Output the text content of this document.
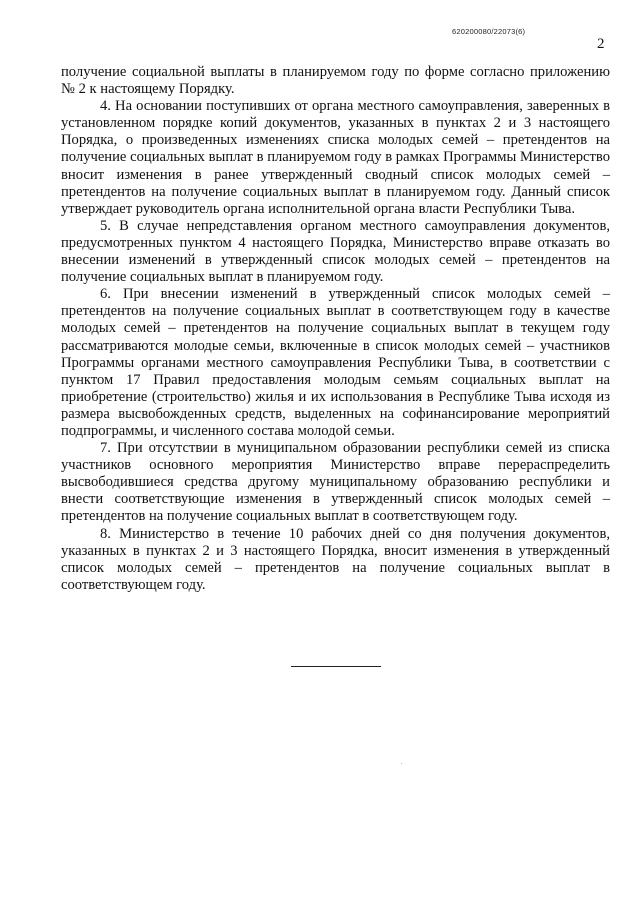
620200080/22073(6)
2

получение социальной выплаты в планируемом году по форме согласно приложению № 2 к настоящему Порядку.

4. На основании поступивших от органа местного самоуправления, заверенных в установленном порядке копий документов, указанных в пунктах 2 и 3 настоящего Порядка, о произведенных изменениях списка молодых семей – претендентов на получение социальных выплат в планируемом году в рамках Программы Министерство вносит изменения в ранее утвержденный сводный список молодых семей – претендентов на получение социальных выплат в планируемом году. Данный список утверждает руководитель органа исполнительной органа власти Республики Тыва.

5. В случае непредставления органом местного самоуправления документов, предусмотренных пунктом 4 настоящего Порядка, Министерство вправе отказать во внесении изменений в утвержденный список молодых семей – претендентов на получение социальных выплат в планируемом году.

6. При внесении изменений в утвержденный список молодых семей – претендентов на получение социальных выплат в соответствующем году в качестве молодых семей – претендентов на получение социальных выплат в текущем году рассматриваются молодые семьи, включенные в список молодых семей – участников Программы органами местного самоуправления Республики Тыва, в соответствии с пунктом 17 Правил предоставления молодым семьям социальных выплат на приобретение (строительство) жилья и их использования в Республике Тыва исходя из размера высвобожденных средств, выделенных на софинансирование мероприятий подпрограммы, и численного состава молодой семьи.

7. При отсутствии в муниципальном образовании республики семей из списка участников основного мероприятия Министерство вправе перераспределить высвободившиеся средства другому муниципальному образованию республики и внести соответствующие изменения в утвержденный список молодых семей – претендентов на получение социальных выплат в соответствующем году.

8. Министерство в течение 10 рабочих дней со дня получения документов, указанных в пунктах 2 и 3 настоящего Порядка, вносит изменения в утвержденный список молодых семей – претендентов на получение социальных выплат в соответствующем году.
